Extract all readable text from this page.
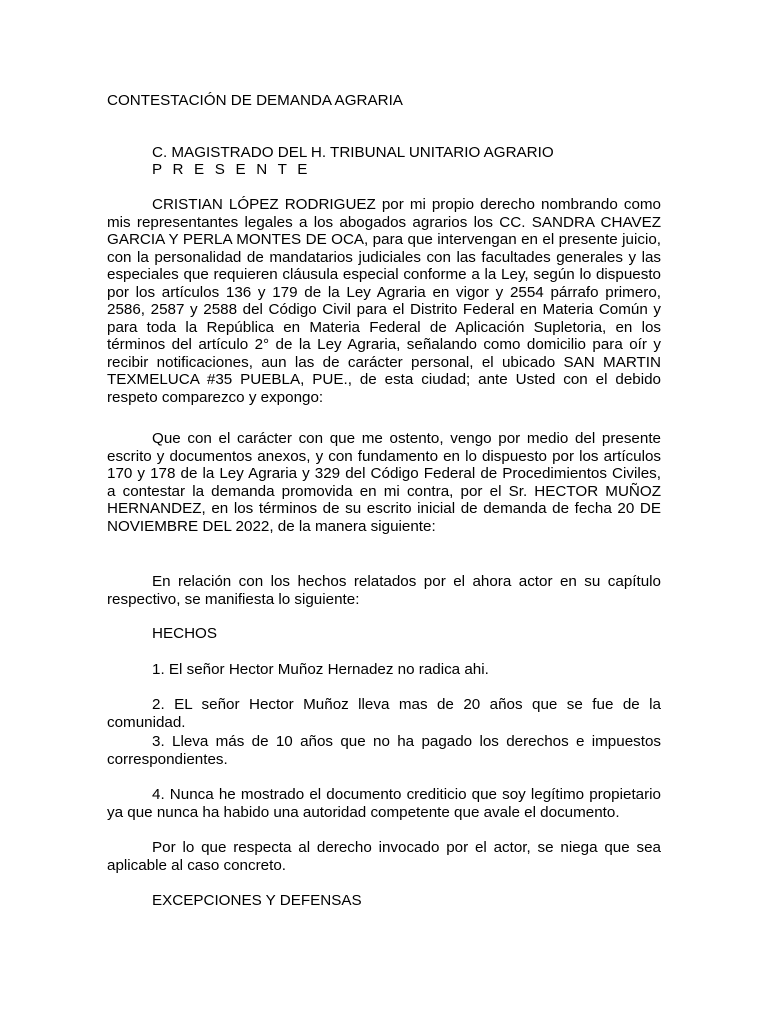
CONTESTACIÓN DE DEMANDA AGRARIA
C. MAGISTRADO DEL H. TRIBUNAL UNITARIO AGRARIO
P R E S E N T E

CRISTIAN LÓPEZ RODRIGUEZ por mi propio derecho nombrando como mis representantes legales a los abogados agrarios los CC. SANDRA CHAVEZ GARCIA Y PERLA MONTES DE OCA, para que intervengan en el presente juicio, con la personalidad de mandatarios judiciales con las facultades generales y las especiales que requieren cláusula especial conforme a la Ley, según lo dispuesto por los artículos 136 y 179 de la Ley Agraria en vigor y 2554 párrafo primero, 2586, 2587 y 2588 del Código Civil para el Distrito Federal en Materia Común y para toda la República en Materia Federal de Aplicación Supletoria, en los términos del artículo 2° de la Ley Agraria, señalando como domicilio para oír y recibir notificaciones, aun las de carácter personal, el ubicado SAN MARTIN TEXMELUCA #35 PUEBLA, PUE., de esta ciudad; ante Usted con el debido respeto comparezco y expongo:

Que con el carácter con que me ostento, vengo por medio del presente escrito y documentos anexos, y con fundamento en lo dispuesto por los artículos 170 y 178 de la Ley Agraria y 329 del Código Federal de Procedimientos Civiles, a contestar la demanda promovida en mi contra, por el Sr. HECTOR MUÑOZ HERNANDEZ, en los términos de su escrito inicial de demanda de fecha 20 DE NOVIEMBRE DEL 2022, de la manera siguiente:

En relación con los hechos relatados por el ahora actor en su capítulo respectivo, se manifiesta lo siguiente:

HECHOS

1. El señor Hector Muñoz Hernadez no radica ahi.

2. EL señor Hector Muñoz lleva mas de 20 años que se fue de la comunidad.

3. Lleva más de 10 años que no ha pagado los derechos e impuestos correspondientes.

4. Nunca he mostrado el documento crediticio que soy legítimo propietario ya que nunca ha habido una autoridad competente que avale el documento.

Por lo que respecta al derecho invocado por el actor, se niega que sea aplicable al caso concreto.

EXCEPCIONES Y DEFENSAS
